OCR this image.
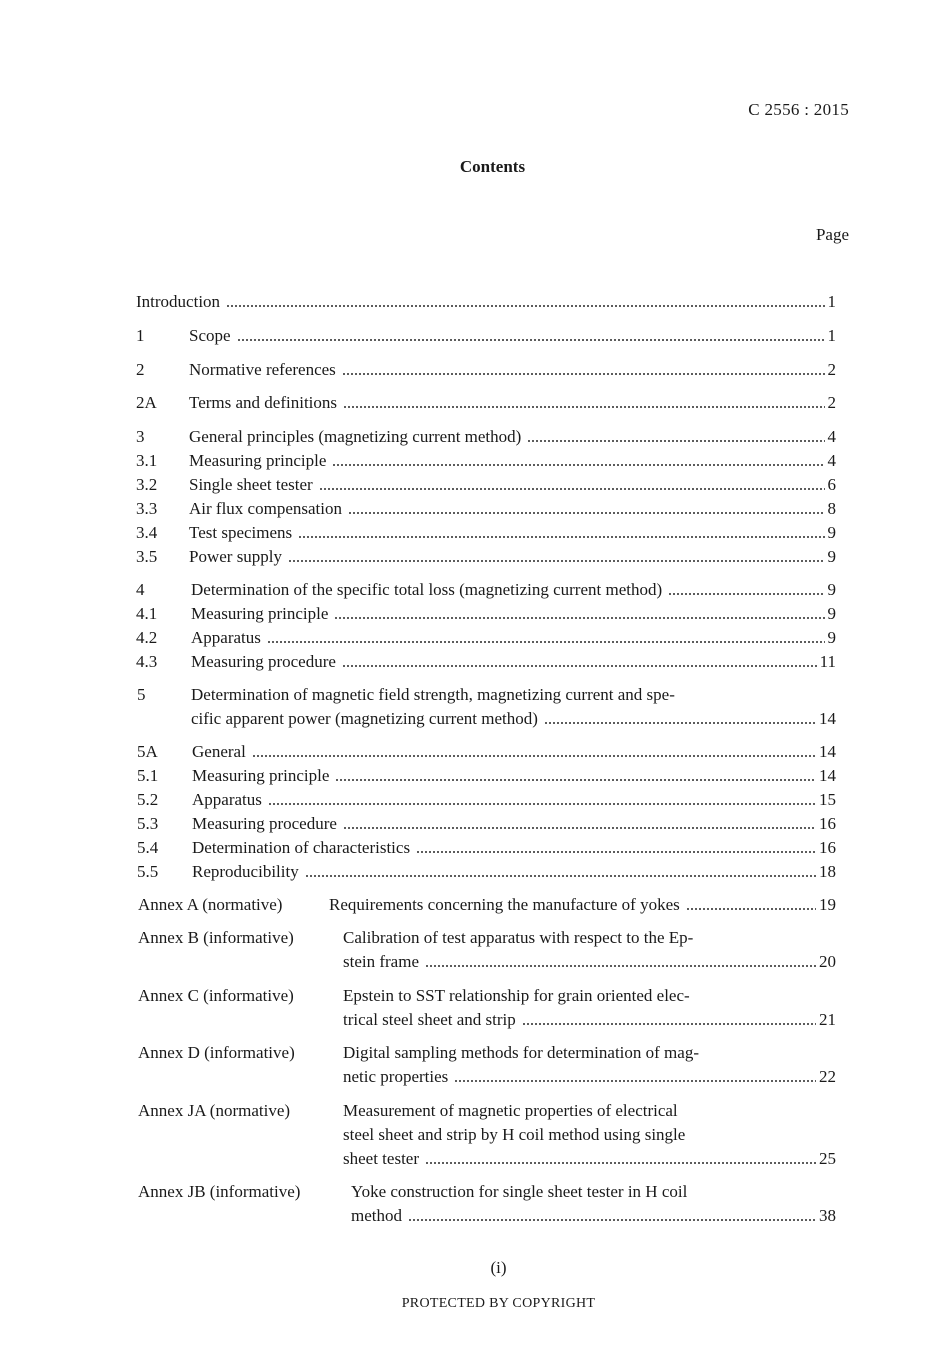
C 2556 : 2015
Contents
Page
Introduction	1
1	Scope	1
2	Normative references	2
2A Terms and definitions	2
3	General principles (magnetizing current method)	4
3.1 Measuring principle	4
3.2 Single sheet tester	6
3.3 Air flux compensation	8
3.4 Test specimens	9
3.5 Power supply	9
4	Determination of the specific total loss (magnetizing current method)	9
4.1 Measuring principle	9
4.2 Apparatus	9
4.3 Measuring procedure	11
5	Determination of magnetic field strength, magnetizing current and spe-
cific apparent power (magnetizing current method)	14
5A General	14
5.1 Measuring principle	14
5.2 Apparatus	15
5.3 Measuring procedure	16
5.4 Determination of characteristics	16
5.5 Reproducibility	18
Annex A (normative)	Requirements concerning the manufacture of yokes	19
Annex B (informative)	Calibration of test apparatus with respect to the Ep-
stein frame	20
Annex C (informative)	Epstein to SST relationship for grain oriented elec-
trical steel sheet and strip	21
Annex D (informative)	Digital sampling methods for determination of mag-
netic properties	22
Annex JA (normative)	Measurement of magnetic properties of electrical
steel sheet and strip by H coil method using single
sheet tester	25
Annex JB (informative)	Yoke construction for single sheet tester in H coil
method	38
(i)
PROTECTED BY COPYRIGHT
